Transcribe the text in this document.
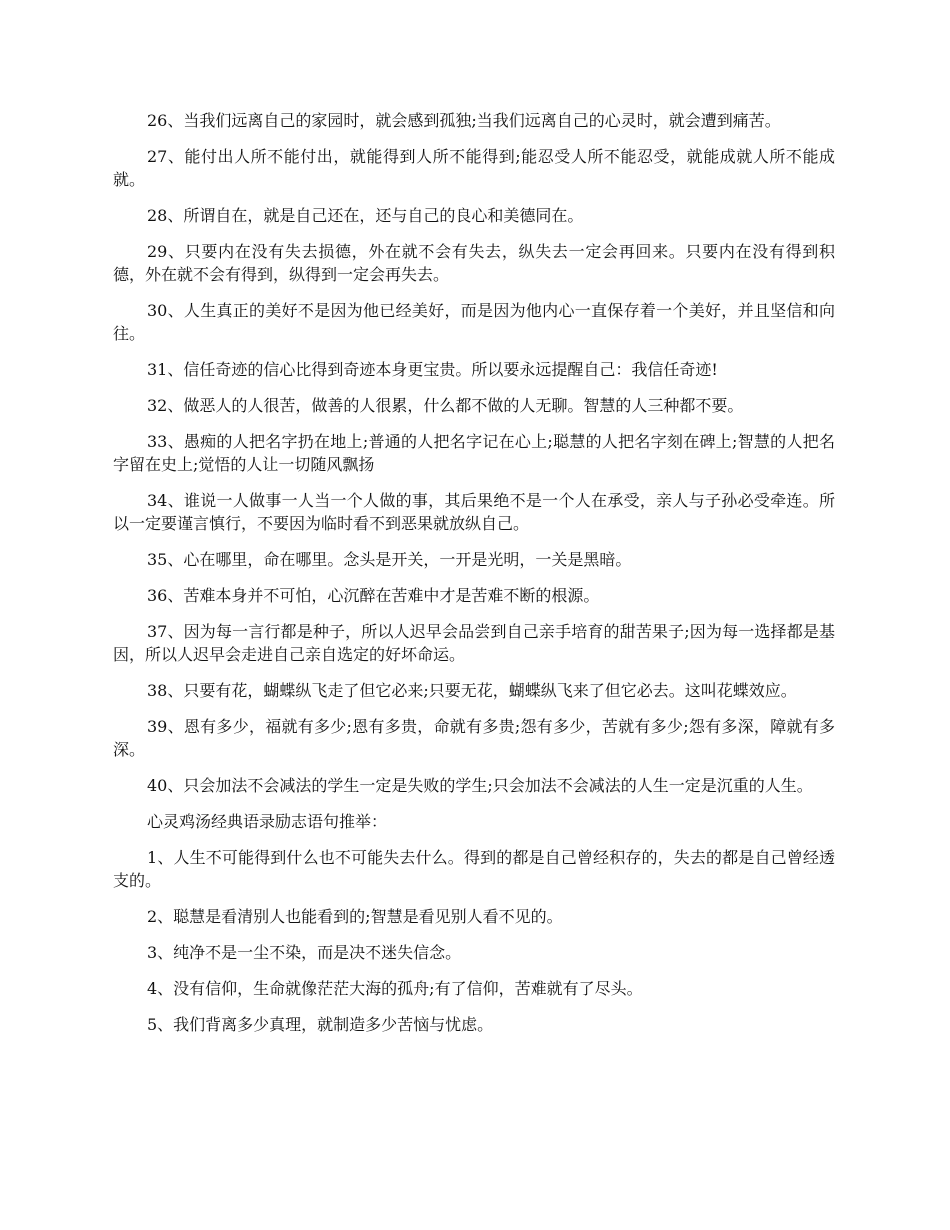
26、当我们远离自己的家园时，就会感到孤独;当我们远离自己的心灵时，就会遭到痛苦。

27、能付出人所不能付出，就能得到人所不能得到;能忍受人所不能忍受，就能成就人所不能成就。

28、所谓自在，就是自己还在，还与自己的良心和美德同在。

29、只要内在没有失去损德，外在就不会有失去，纵失去一定会再回来。只要内在没有得到积德，外在就不会有得到，纵得到一定会再失去。

30、人生真正的美好不是因为他已经美好，而是因为他内心一直保存着一个美好，并且坚信和向往。

31、信任奇迹的信心比得到奇迹本身更宝贵。所以要永远提醒自己：我信任奇迹!

32、做恶人的人很苦，做善的人很累，什么都不做的人无聊。智慧的人三种都不要。

33、愚痴的人把名字扔在地上;普通的人把名字记在心上;聪慧的人把名字刻在碑上;智慧的人把名字留在史上;觉悟的人让一切随风飘扬

34、谁说一人做事一人当一个人做的事，其后果绝不是一个人在承受，亲人与子孙必受牵连。所以一定要谨言慎行，不要因为临时看不到恶果就放纵自己。

35、心在哪里，命在哪里。念头是开关，一开是光明，一关是黑暗。

36、苦难本身并不可怕，心沉醉在苦难中才是苦难不断的根源。

37、因为每一言行都是种子，所以人迟早会品尝到自己亲手培育的甜苦果子;因为每一选择都是基因，所以人迟早会走进自己亲自选定的好坏命运。

38、只要有花，蝴蝶纵飞走了但它必来;只要无花，蝴蝶纵飞来了但它必去。这叫花蝶效应。

39、恩有多少，福就有多少;恩有多贵，命就有多贵;怨有多少，苦就有多少;怨有多深，障就有多深。

40、只会加法不会减法的学生一定是失败的学生;只会加法不会减法的人生一定是沉重的人生。

心灵鸡汤经典语录励志语句推举：

1、人生不可能得到什么也不可能失去什么。得到的都是自己曾经积存的，失去的都是自己曾经透支的。

2、聪慧是看清别人也能看到的;智慧是看见别人看不见的。

3、纯净不是一尘不染，而是决不迷失信念。

4、没有信仰，生命就像茫茫大海的孤舟;有了信仰，苦难就有了尽头。

5、我们背离多少真理，就制造多少苦恼与忧虑。
